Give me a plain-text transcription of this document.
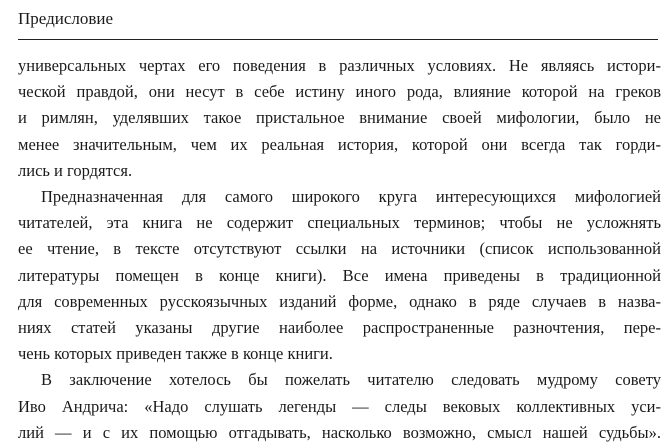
Предисловие

универсальных чертах его поведения в различных условиях. Не являясь истори-
ческой правдой, они несут в себе истину иного рода, влияние которой на греков
и римлян, уделявших такое пристальное внимание своей мифологии, было не
менее значительным, чем их реальная история, которой они всегда так горди-
лись и гордятся.

Предназначенная для самого широкого круга интересующихся мифологией
читателей, эта книга не содержит специальных терминов; чтобы не усложнять
ее чтение, в тексте отсутствуют ссылки на источники (список использованной
литературы помещен в конце книги). Все имена приведены в традиционной
для современных русскоязычных изданий форме, однако в ряде случаев в назва-
ниях статей указаны другие наиболее распространенные разночтения, пере-
чень которых приведен также в конце книги.

В заключение хотелось бы пожелать читателю следовать мудрому совету
Иво Андрича: «Надо слушать легенды — следы вековых коллективных уси-
лий — и с их помощью отгадывать, насколько возможно, смысл нашей судьбы».
